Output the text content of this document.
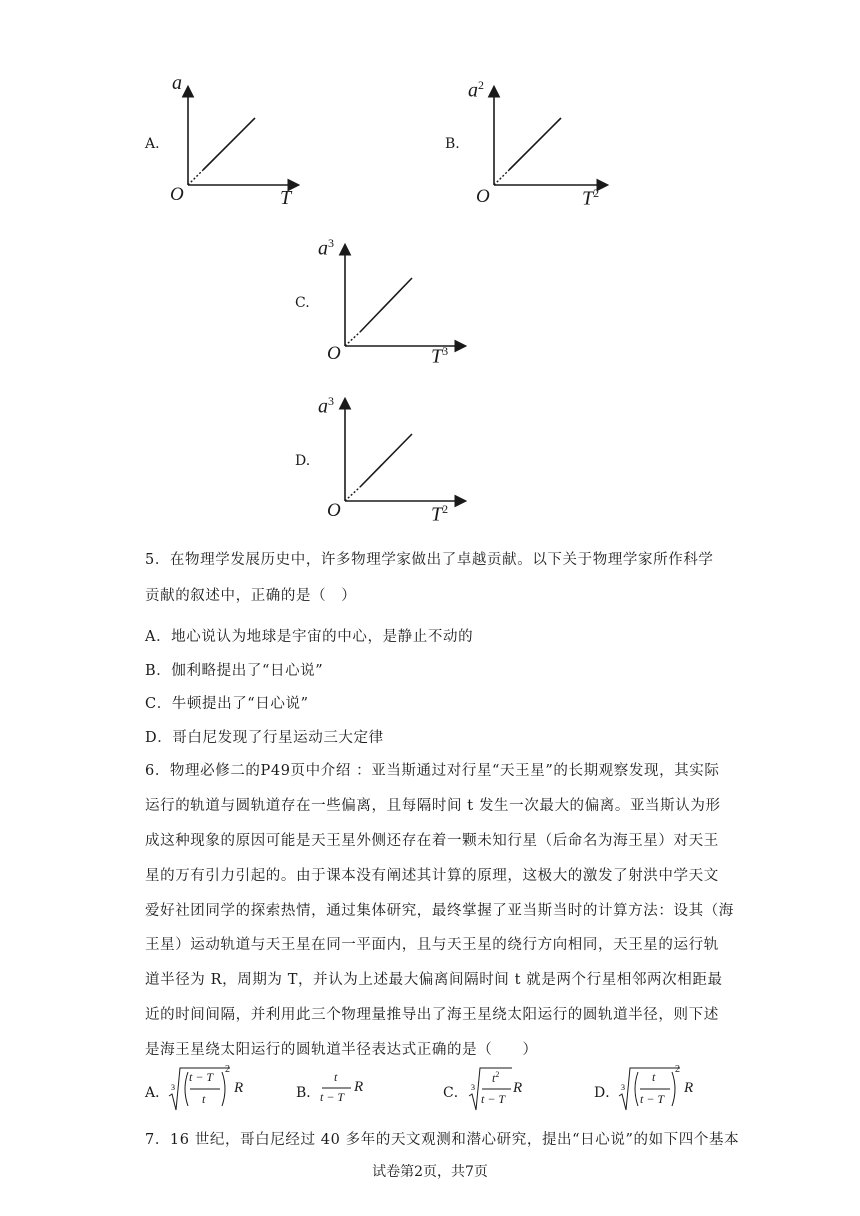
A.
a
O	T
B.
$a^2$
O	$T^2$
C.
$a^3$
O	$T^3$
D.
$a^3$
O	$T^2$
5．在物理学发展历史中，许多物理学家做出了卓越贡献。以下关于物理学家所作科学
贡献的叙述中，正确的是（　）
A．地心说认为地球是宇宙的中心，是静止不动的
B．伽利略提出了“日心说”
C．牛顿提出了“日心说”
D．哥白尼发现了行星运动三大定律
6．物理必修二的P49页中介绍 ：亚当斯通过对行星“天王星”的长期观察发现，其实际
运行的轨道与圆轨道存在一些偏离，且每隔时间 t 发生一次最大的偏离。亚当斯认为形
成这种现象的原因可能是天王星外侧还存在着一颗未知行星（后命名为海王星）对天王
星的万有引力引起的。由于课本没有阐述其计算的原理，这极大的激发了射洪中学天文
爱好社团同学的探索热情，通过集体研究，最终掌握了亚当斯当时的计算方法：设其（海
王星）运动轨道与天王星在同一平面内，且与天王星的绕行方向相同，天王星的运行轨
道半径为 R，周期为 T，并认为上述最大偏离间隔时间 t 就是两个行星相邻两次相距最
近的时间间隔，并利用此三个物理量推导出了海王星绕太阳运行的圆轨道半径，则下述
是海王星绕太阳运行的圆轨道半径表达式正确的是（　　）
A． 3
t − T
t
2
R	B．
t
t − T
R	C． 3
$t^2$
t − T
R	D． 3
t
t − T
2
R
7．16 世纪，哥白尼经过 40 多年的天文观测和潜心研究，提出“日心说”的如下四个基本
试卷第2页，共7页
